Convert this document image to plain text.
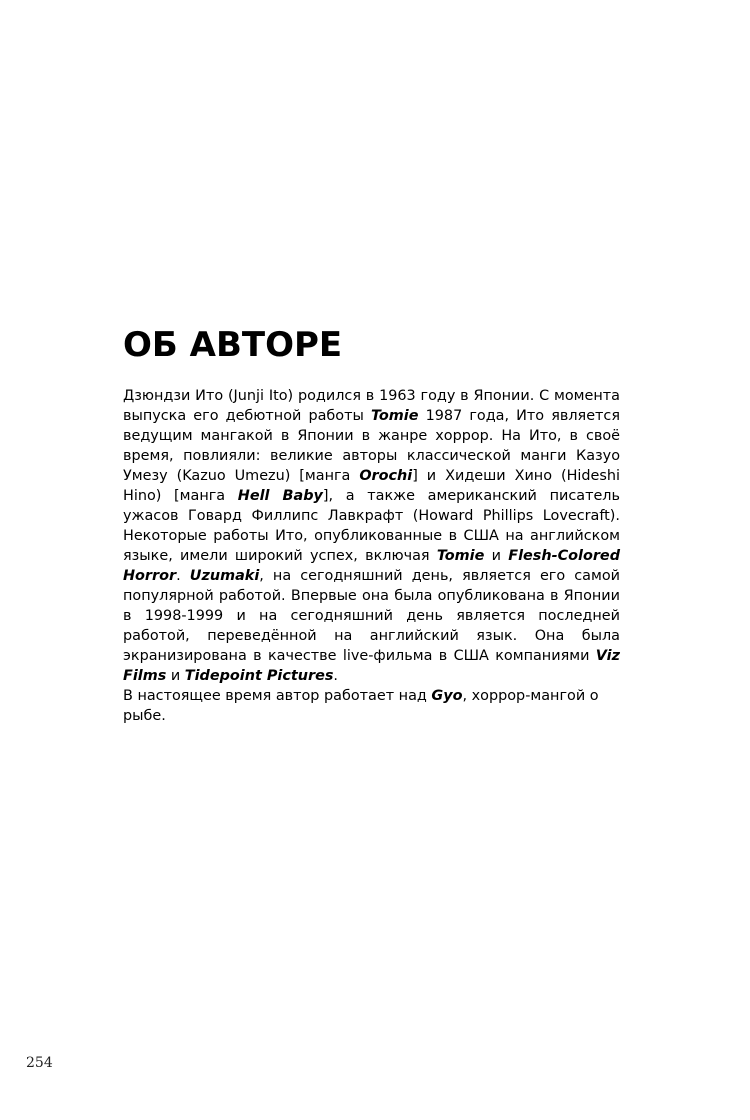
ОБ АВТОРЕ

Дзюндзи Ито (Junji Ito) родился в 1963 году в Японии. С момента выпуска его дебютной работы Tomie 1987 года, Ито является ведущим мангакой в Японии в жанре хоррор. На Ито, в своё время, повлияли: великие авторы классической манги Казуо Умезу (Kazuo Umezu) [манга Orochi] и Хидеши Хино (Hideshi Hino) [манга Hell Baby], а также американский писатель ужасов Говард Филлипс Лавкрафт (Howard Phillips Lovecraft). Некоторые работы Ито, опубликованные в США на английском языке, имели широкий успех, включая Tomie и Flesh-Colored Horror. Uzumaki, на сегодняшний день, является его самой популярной работой. Впервые она была опубликована в Японии в 1998-1999 и на сегодняшний день является последней работой, переведённой на английский язык. Она была экранизирована в качестве live-фильма в США компаниями Viz Films и Tidepoint Pictures.

В настоящее время автор работает над Gyo, хоррор-мангой о рыбе.

254
